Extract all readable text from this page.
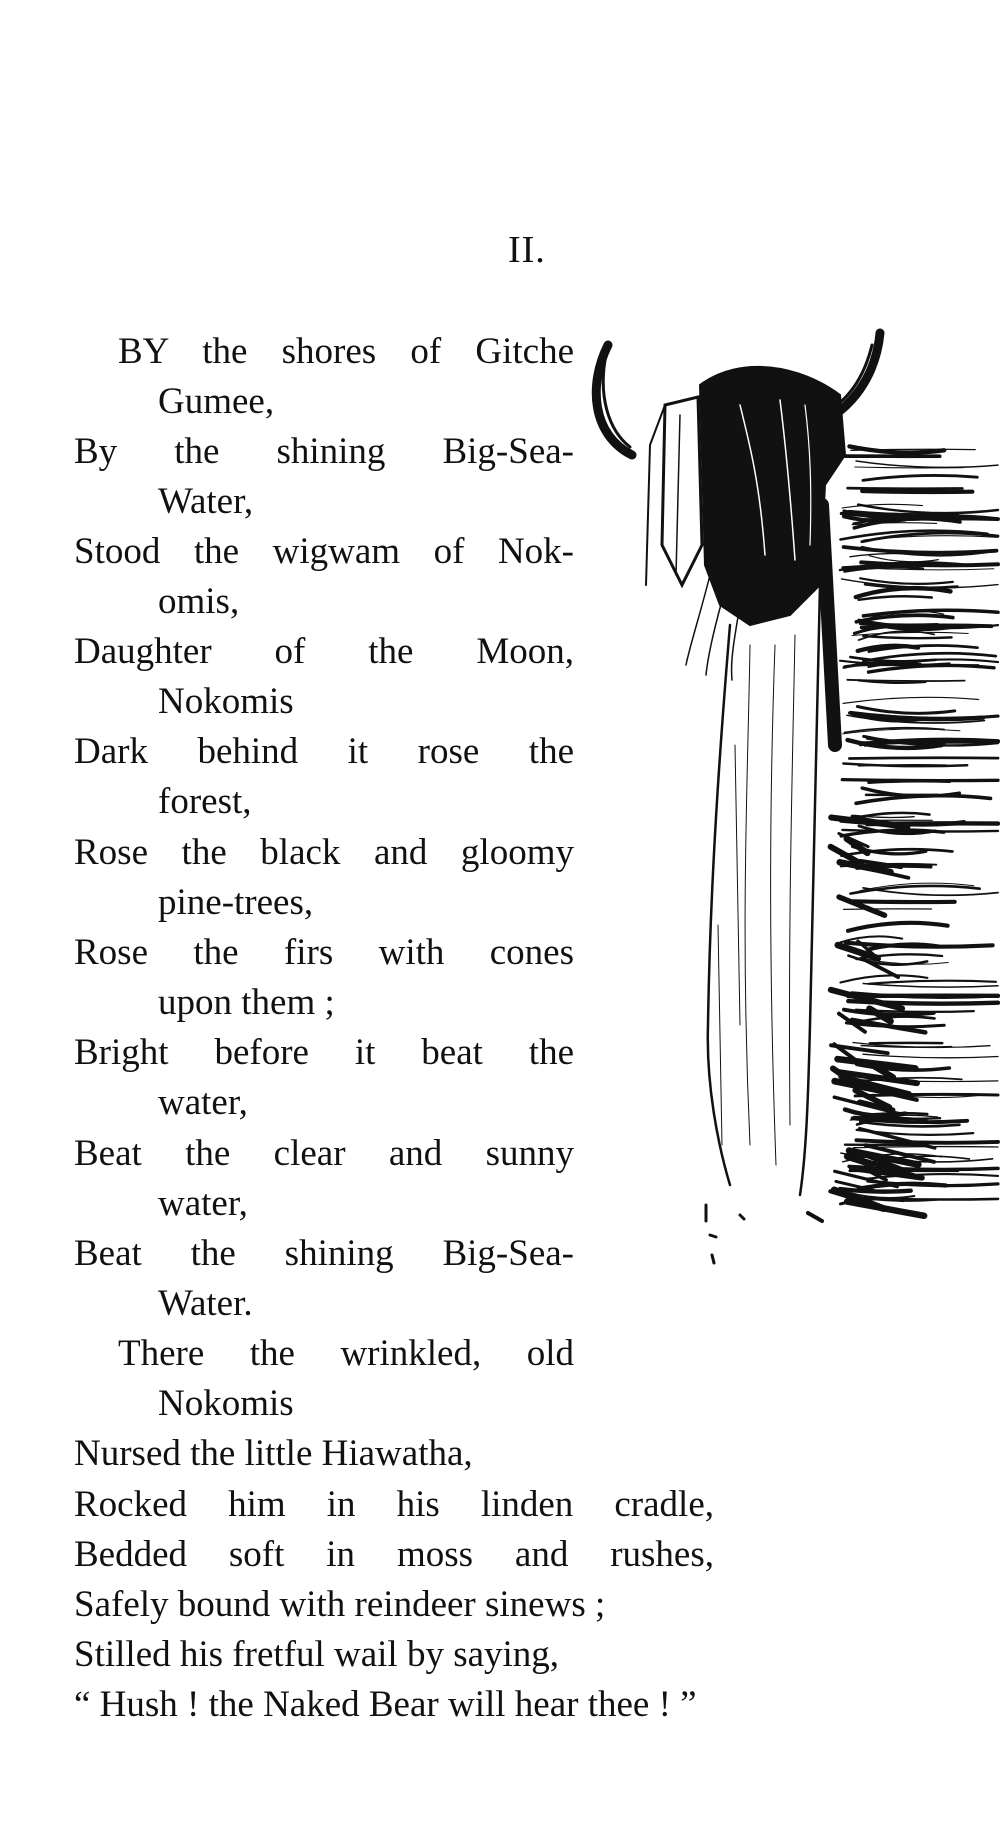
II.
BY the shores of Gitche
Gumee,
By the shining Big-Sea-
Water,
Stood the wigwam of Nok-
omis,
Daughter of the Moon,
Nokomis
Dark behind it rose the
forest,
Rose the black and gloomy
pine-trees,
Rose the firs with cones
upon them ;
Bright before it beat the
water,
Beat the clear and sunny
water,
Beat the shining Big-Sea-
Water.
There the wrinkled, old
Nokomis
Nursed the little Hiawatha,
Rocked him in his linden cradle,
Bedded soft in moss and rushes,
Safely bound with reindeer sinews ;
Stilled his fretful wail by saying,
“ Hush ! the Naked Bear will hear thee ! ”
